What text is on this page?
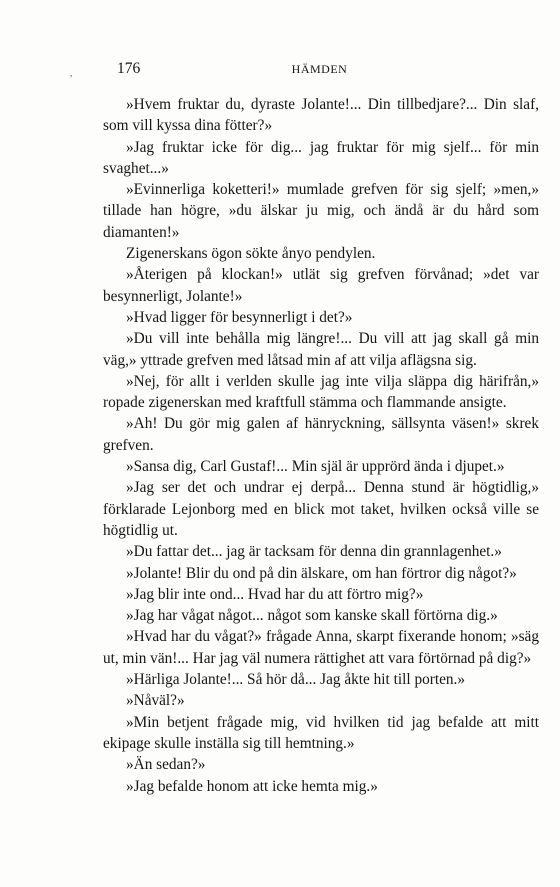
,	176	HÄMDEN

»Hvem fruktar du, dyraste Jolante!... Din tillbedjare?... Din slaf, som vill kyssa dina fötter?»

»Jag fruktar icke för dig... jag fruktar för mig sjelf... för min svaghet...»

»Evinnerliga koketteri!» mumlade grefven för sig sjelf; »men,» tillade han högre, »du älskar ju mig, och ändå är du hård som diamanten!»

Zigenerskans ögon sökte ånyo pendylen.

»Återigen på klockan!» utlät sig grefven förvånad; »det var besynnerligt, Jolante!»

»Hvad ligger för besynnerligt i det?»

»Du vill inte behålla mig längre!... Du vill att jag skall gå min väg,» yttrade grefven med låtsad min af att vilja aflägsna sig.

»Nej, för allt i verlden skulle jag inte vilja släppa dig härifrån,» ropade zigenerskan med kraftfull stämma och flammande ansigte.

»Ah! Du gör mig galen af hänryckning, sällsynta väsen!» skrek grefven.

»Sansa dig, Carl Gustaf!... Min själ är upprörd ända i djupet.»

»Jag ser det och undrar ej derpå... Denna stund är högtidlig,» förklarade Lejonborg med en blick mot taket, hvilken också ville se högtidlig ut.

»Du fattar det... jag är tacksam för denna din grannlagenhet.»

»Jolante! Blir du ond på din älskare, om han förtror dig något?»

»Jag blir inte ond... Hvad har du att förtro mig?»

»Jag har vågat något... något som kanske skall förtörna dig.»

»Hvad har du vågat?» frågade Anna, skarpt fixerande honom; »säg ut, min vän!... Har jag väl numera rättighet att vara förtörnad på dig?»

»Härliga Jolante!... Så hör då... Jag åkte hit till porten.»

»Nåväl?»

»Min betjent frågade mig, vid hvilken tid jag befalde att mitt ekipage skulle inställa sig till hemtning.»

»Än sedan?»

»Jag befalde honom att icke hemta mig.»
